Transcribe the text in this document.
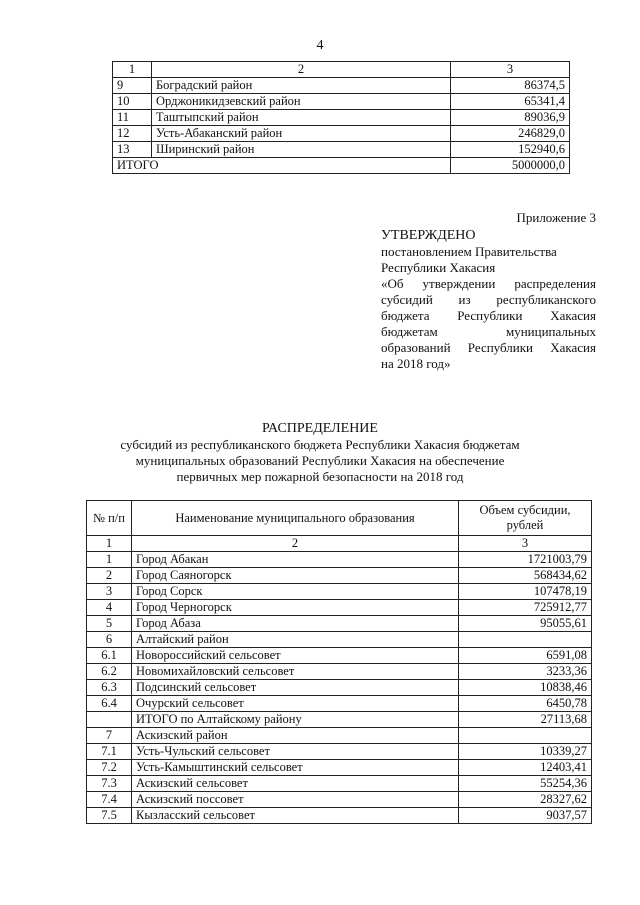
4
1	2	3
9	Боградский район	86374,5
10	Орджоникидзевский район	65341,4
11	Таштыпский район	89036,9
12	Усть-Абаканский район	246829,0
13	Ширинский район	152940,6
ИТОГО		5000000,0
Приложение 3
УТВЕРЖДЕНО
постановлением Правительства
Республики Хакасия
«Об утверждении распределения
субсидий из республиканского
бюджета Республики Хакасия
бюджетам муниципальных
образований Республики Хакасия
на 2018 год»
РАСПРЕДЕЛЕНИЕ
субсидий из республиканского бюджета Республики Хакасия бюджетам
муниципальных образований Республики Хакасия на обеспечение
первичных мер пожарной безопасности на 2018 год
№ п/п	Наименование муниципального образования	Объем субсидии, рублей
1	2	3
1	Город Абакан	1721003,79
2	Город Саяногорск	568434,62
3	Город Сорск	107478,19
4	Город Черногорск	725912,77
5	Город Абаза	95055,61
6	Алтайский район	
6.1	Новороссийский сельсовет	6591,08
6.2	Новомихайловский сельсовет	3233,36
6.3	Подсинский сельсовет	10838,46
6.4	Очурский сельсовет	6450,78
	ИТОГО по Алтайскому району	27113,68
7	Аскизский район	
7.1	Усть-Чульский сельсовет	10339,27
7.2	Усть-Камыштинский сельсовет	12403,41
7.3	Аскизский сельсовет	55254,36
7.4	Аскизский поссовет	28327,62
7.5	Кызласский сельсовет	9037,57
